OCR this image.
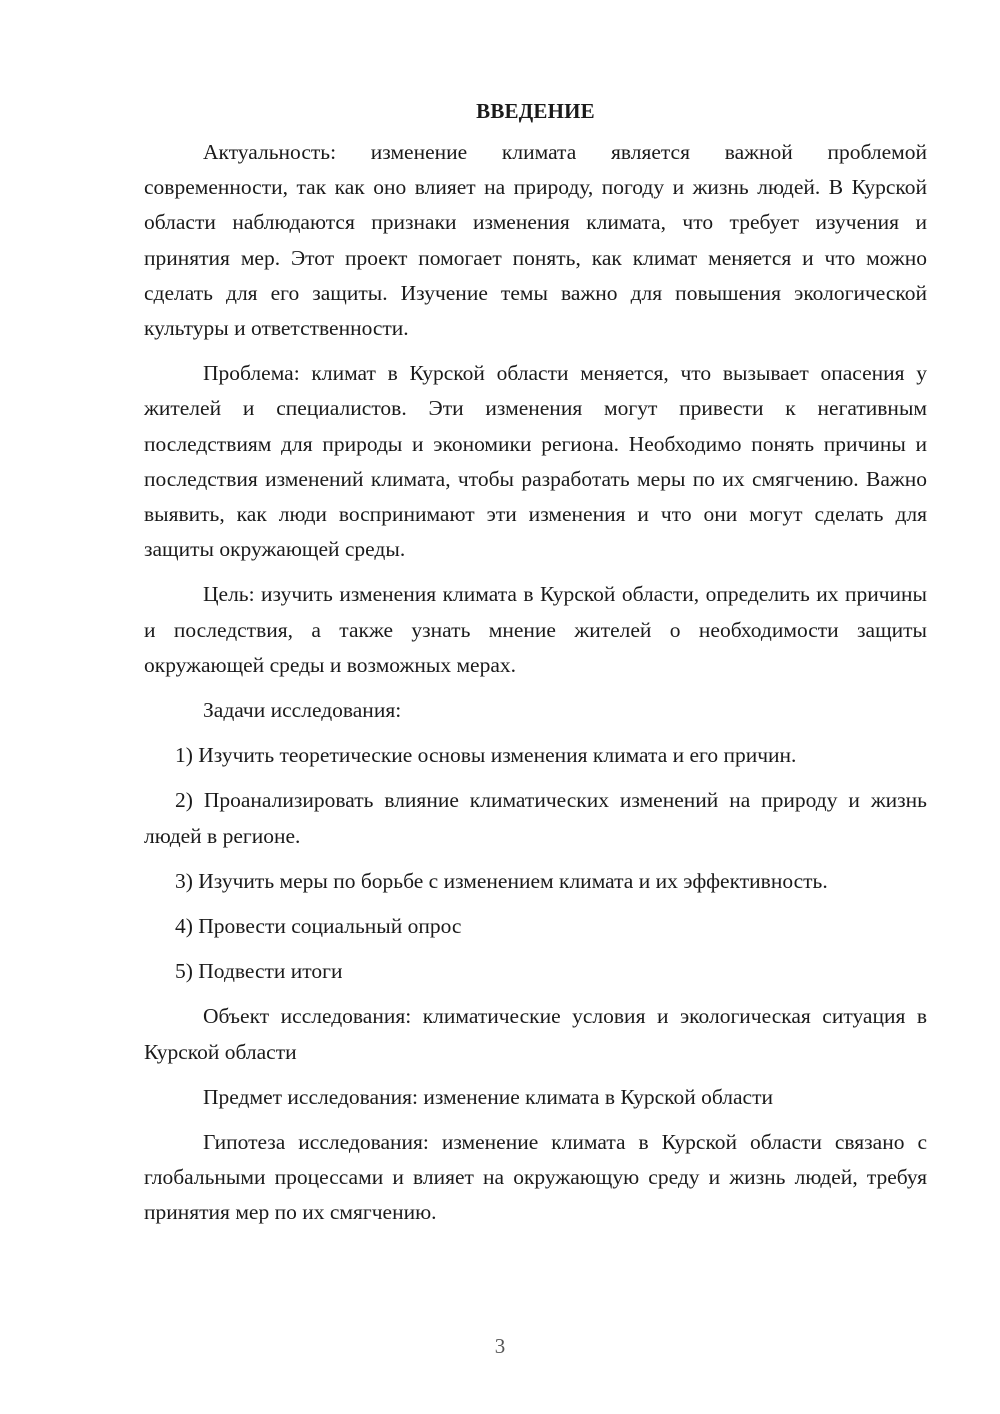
ВВЕДЕНИЕ

Актуальность: изменение климата является важной проблемой современности, так как оно влияет на природу, погоду и жизнь людей. В Курской области наблюдаются признаки изменения климата, что требует изучения и принятия мер. Этот проект помогает понять, как климат меняется и что можно сделать для его защиты. Изучение темы важно для повышения экологической культуры и ответственности.

Проблема: климат в Курской области меняется, что вызывает опасения у жителей и специалистов. Эти изменения могут привести к негативным последствиям для природы и экономики региона. Необходимо понять причины и последствия изменений климата, чтобы разработать меры по их смягчению. Важно выявить, как люди воспринимают эти изменения и что они могут сделать для защиты окружающей среды.

Цель: изучить изменения климата в Курской области, определить их причины и последствия, а также узнать мнение жителей о необходимости защиты окружающей среды и возможных мерах.

Задачи исследования:

1) Изучить теоретические основы изменения климата и его причин.

2) Проанализировать влияние климатических изменений на природу и жизнь людей в регионе.

3) Изучить меры по борьбе с изменением климата и их эффективность.

4) Провести социальный опрос

5) Подвести итоги

Объект исследования: климатические условия и экологическая ситуация в Курской области

Предмет исследования: изменение климата в Курской области

Гипотеза исследования: изменение климата в Курской области связано с глобальными процессами и влияет на окружающую среду и жизнь людей, требуя принятия мер по их смягчению.

3
